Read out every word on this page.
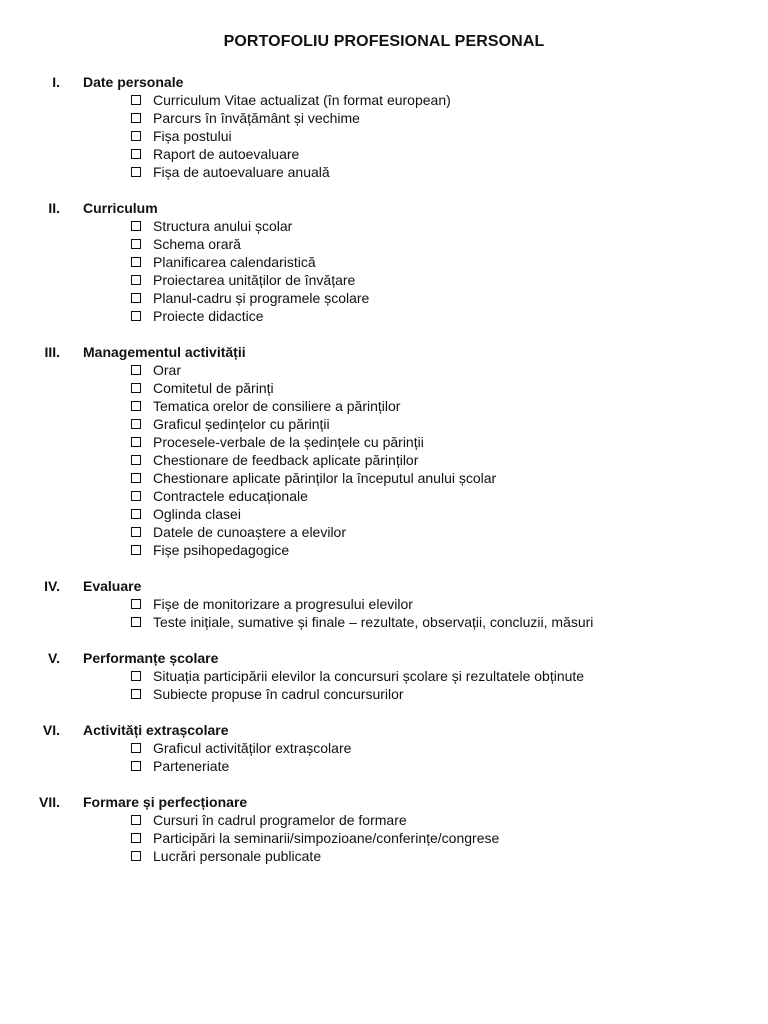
PORTOFOLIU PROFESIONAL PERSONAL
I. Date personale
Curriculum Vitae actualizat (în format european)
Parcurs în învățământ și vechime
Fișa postului
Raport de autoevaluare
Fișa de autoevaluare anuală
II. Curriculum
Structura anului școlar
Schema orară
Planificarea calendaristică
Proiectarea unităților de învățare
Planul-cadru și programele școlare
Proiecte didactice
III. Managementul activității
Orar
Comitetul de părinți
Tematica orelor de consiliere a părinților
Graficul ședințelor cu părinții
Procesele-verbale de la ședințele cu părinții
Chestionare de feedback aplicate părinților
Chestionare aplicate părinților la începutul anului școlar
Contractele educaționale
Oglinda clasei
Datele de cunoaștere a elevilor
Fișe psihopedagogice
IV. Evaluare
Fișe de monitorizare a progresului elevilor
Teste inițiale, sumative și finale – rezultate, observații, concluzii, măsuri
V. Performanțe școlare
Situația participării elevilor la concursuri școlare și rezultatele obținute
Subiecte propuse în cadrul concursurilor
VI. Activități extrașcolare
Graficul activităților extrașcolare
Parteneriate
VII. Formare și perfecționare
Cursuri în cadrul programelor de formare
Participări la seminarii/simpozioane/conferințe/congrese
Lucrări personale publicate
